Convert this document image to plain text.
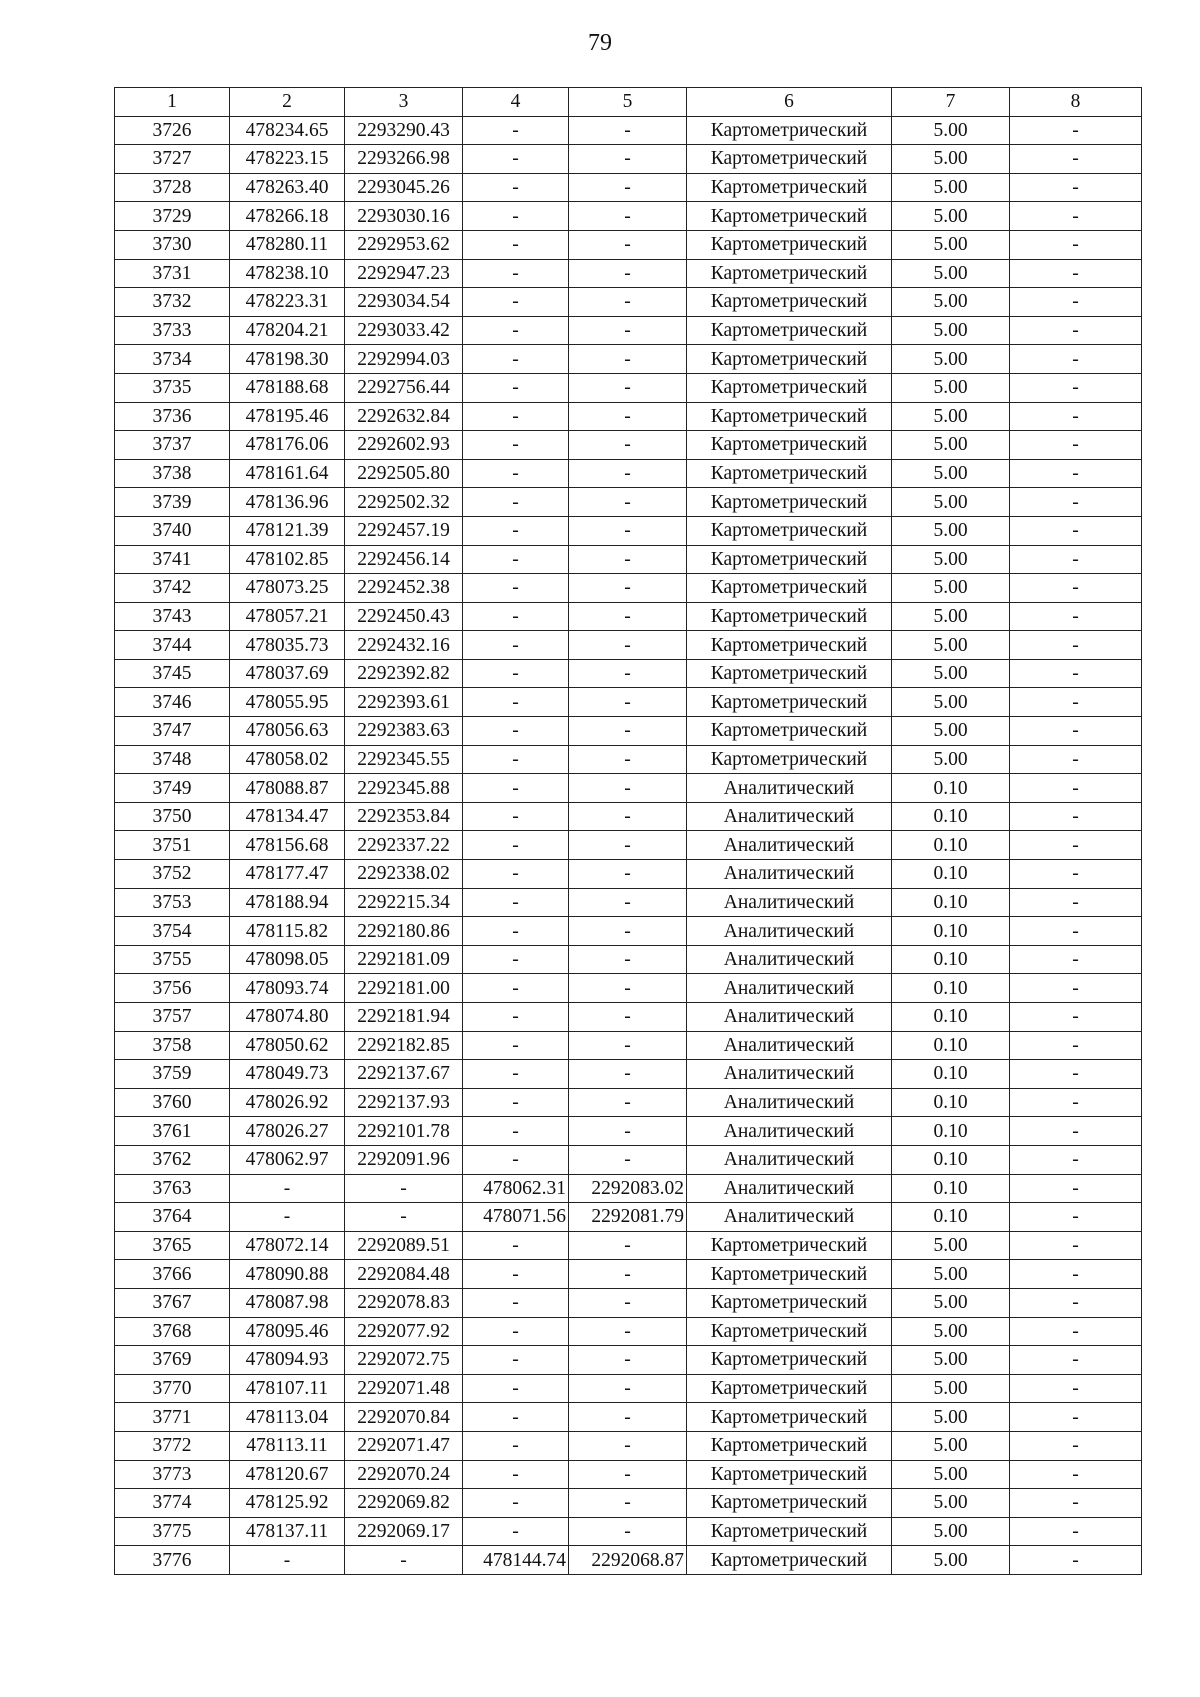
79
1	2	3	4	5	6	7	8
3726	478234.65	2293290.43	-	-	Картометрический	5.00	-
3727	478223.15	2293266.98	-	-	Картометрический	5.00	-
3728	478263.40	2293045.26	-	-	Картометрический	5.00	-
3729	478266.18	2293030.16	-	-	Картометрический	5.00	-
3730	478280.11	2292953.62	-	-	Картометрический	5.00	-
3731	478238.10	2292947.23	-	-	Картометрический	5.00	-
3732	478223.31	2293034.54	-	-	Картометрический	5.00	-
3733	478204.21	2293033.42	-	-	Картометрический	5.00	-
3734	478198.30	2292994.03	-	-	Картометрический	5.00	-
3735	478188.68	2292756.44	-	-	Картометрический	5.00	-
3736	478195.46	2292632.84	-	-	Картометрический	5.00	-
3737	478176.06	2292602.93	-	-	Картометрический	5.00	-
3738	478161.64	2292505.80	-	-	Картометрический	5.00	-
3739	478136.96	2292502.32	-	-	Картометрический	5.00	-
3740	478121.39	2292457.19	-	-	Картометрический	5.00	-
3741	478102.85	2292456.14	-	-	Картометрический	5.00	-
3742	478073.25	2292452.38	-	-	Картометрический	5.00	-
3743	478057.21	2292450.43	-	-	Картометрический	5.00	-
3744	478035.73	2292432.16	-	-	Картометрический	5.00	-
3745	478037.69	2292392.82	-	-	Картометрический	5.00	-
3746	478055.95	2292393.61	-	-	Картометрический	5.00	-
3747	478056.63	2292383.63	-	-	Картометрический	5.00	-
3748	478058.02	2292345.55	-	-	Картометрический	5.00	-
3749	478088.87	2292345.88	-	-	Аналитический	0.10	-
3750	478134.47	2292353.84	-	-	Аналитический	0.10	-
3751	478156.68	2292337.22	-	-	Аналитический	0.10	-
3752	478177.47	2292338.02	-	-	Аналитический	0.10	-
3753	478188.94	2292215.34	-	-	Аналитический	0.10	-
3754	478115.82	2292180.86	-	-	Аналитический	0.10	-
3755	478098.05	2292181.09	-	-	Аналитический	0.10	-
3756	478093.74	2292181.00	-	-	Аналитический	0.10	-
3757	478074.80	2292181.94	-	-	Аналитический	0.10	-
3758	478050.62	2292182.85	-	-	Аналитический	0.10	-
3759	478049.73	2292137.67	-	-	Аналитический	0.10	-
3760	478026.92	2292137.93	-	-	Аналитический	0.10	-
3761	478026.27	2292101.78	-	-	Аналитический	0.10	-
3762	478062.97	2292091.96	-	-	Аналитический	0.10	-
3763	-	-	478062.31	2292083.02	Аналитический	0.10	-
3764	-	-	478071.56	2292081.79	Аналитический	0.10	-
3765	478072.14	2292089.51	-	-	Картометрический	5.00	-
3766	478090.88	2292084.48	-	-	Картометрический	5.00	-
3767	478087.98	2292078.83	-	-	Картометрический	5.00	-
3768	478095.46	2292077.92	-	-	Картометрический	5.00	-
3769	478094.93	2292072.75	-	-	Картометрический	5.00	-
3770	478107.11	2292071.48	-	-	Картометрический	5.00	-
3771	478113.04	2292070.84	-	-	Картометрический	5.00	-
3772	478113.11	2292071.47	-	-	Картометрический	5.00	-
3773	478120.67	2292070.24	-	-	Картометрический	5.00	-
3774	478125.92	2292069.82	-	-	Картометрический	5.00	-
3775	478137.11	2292069.17	-	-	Картометрический	5.00	-
3776	-	-	478144.74	2292068.87	Картометрический	5.00	-
